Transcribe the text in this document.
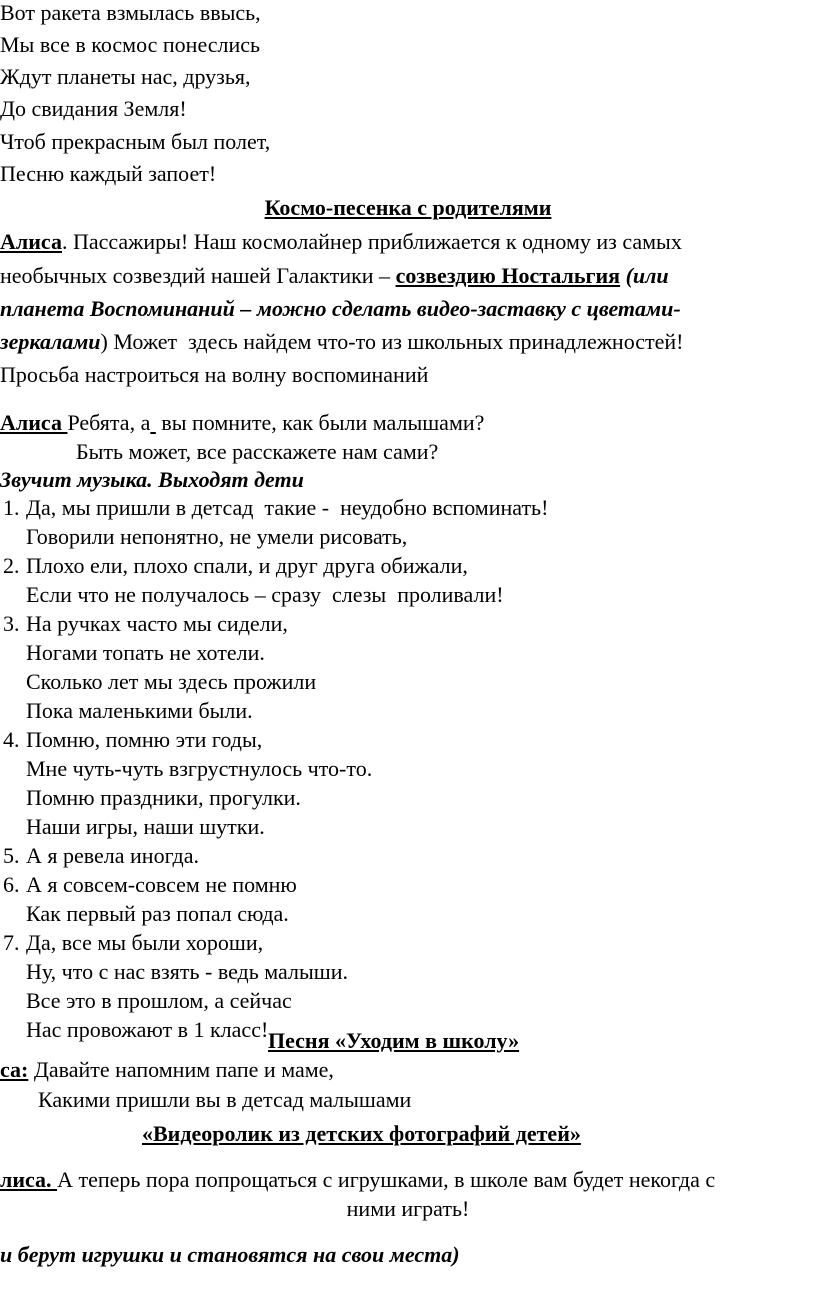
Вот ракета взмылась ввысь,
Мы все в космос понеслись
Ждут планеты нас, друзья,
До свидания Земля!
Чтоб прекрасным был полет,
Песню каждый запоет!
Космо-песенка с родителями
Алиса. Пассажиры! Наш космолайнер приближается к одному из самых
необычных созвездий нашей Галактики – созвездию Ностальгия (или
планета Воспоминаний – можно сделать видео-заставку с цветами-
зеркалами) Может  здесь найдем что-то из школьных принадлежностей!
Просьба настроиться на волну воспоминаний
Алиса Ребята, а  вы помните, как были малышами?
Быть может, все расскажете нам сами?
Звучит музыка. Выходят дети
1. Да, мы пришли в детсад  такие -  неудобно вспоминать!
Говорили непонятно, не умели рисовать,
2. Плохо ели, плохо спали, и друг друга обижали,
Если что не получалось – сразу  слезы  проливали!
3. На ручках часто мы сидели,
Ногами топать не хотели.
Сколько лет мы здесь прожили
Пока маленькими были.
4. Помню, помню эти годы,
Мне чуть-чуть взгрустнулось что-то.
Помню праздники, прогулки.
Наши игры, наши шутки.
5. А я ревела иногда.
6. А я совсем-совсем не помню
Как первый раз попал сюда.
7. Да, все мы были хороши,
Ну, что с нас взять - ведь малыши.
Все это в прошлом, а сейчас
Нас провожают в 1 класс! Песня «Уходим в школу»
са: Давайте напомним папе и маме,
Какими пришли вы в детсад малышами
«Видеоролик из детских фотографий детей»
лиса. А теперь пора попрощаться с игрушками, в школе вам будет некогда с
ними играть!
и берут игрушки и становятся на свои места)
